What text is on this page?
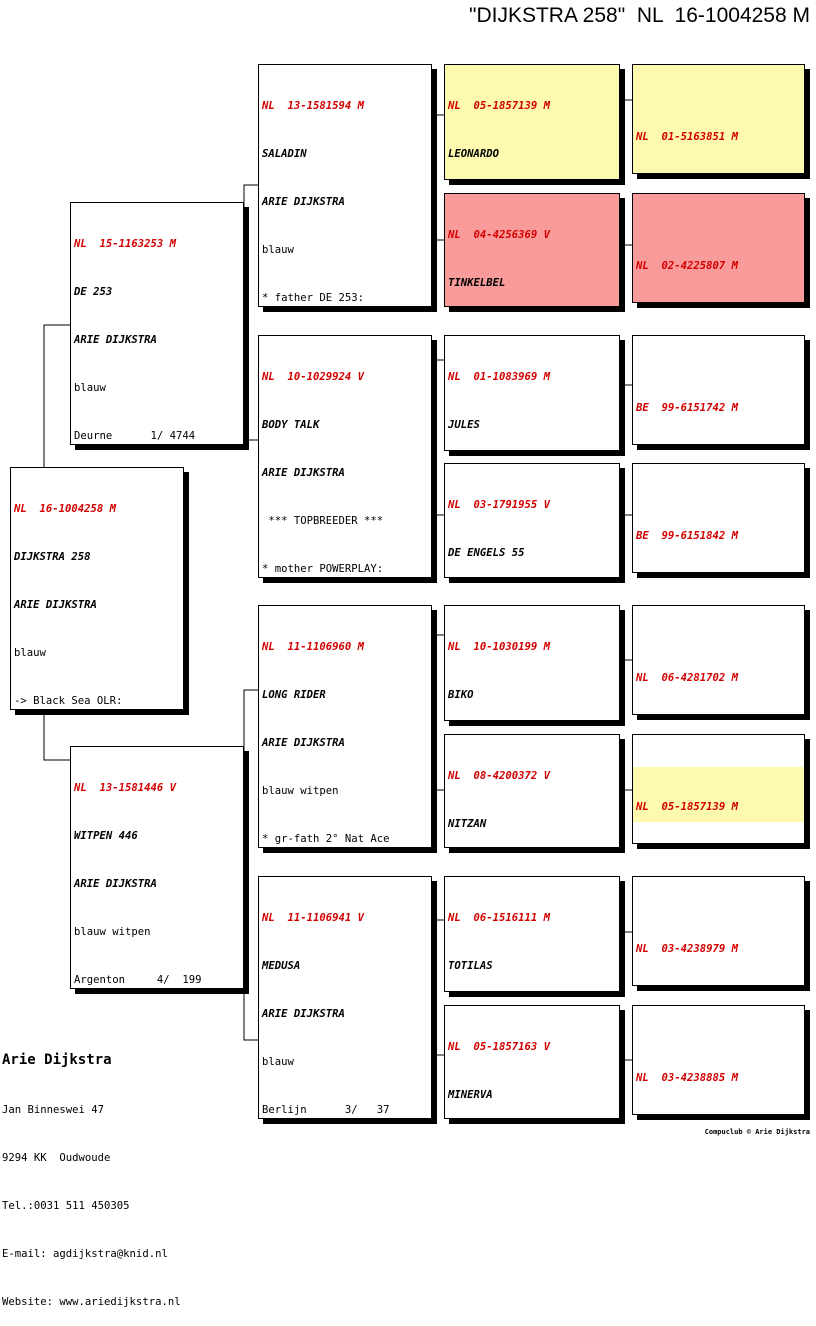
"DIJKSTRA 258"  NL  16-1004258 M

NL  16-1004258 M

DIJKSTRA 258

ARIE DIJKSTRA

blauw

-> Black Sea OLR:

NL  15-1163253 M

DE 253

ARIE DIJKSTRA

blauw

Deurne      1/ 4744

NL  13-1581446 V

WITPEN 446

ARIE DIJKSTRA

blauw witpen

Argenton     4/  199

NL  13-1581594 M

SALADIN

ARIE DIJKSTRA

blauw

* father DE 253:

NL  10-1029924 V

BODY TALK

ARIE DIJKSTRA

*** TOPBREEDER ***

* mother POWERPLAY:

NL  11-1106960 M

LONG RIDER

ARIE DIJKSTRA

blauw witpen

* gr-fath 2° Nat Ace

NL  11-1106941 V

MEDUSA

ARIE DIJKSTRA

blauw

Berlijn      3/   37

NL  05-1857139 M

LEONARDO

NL  04-4256369 V

TINKELBEL

NL  01-1083969 M

JULES

NL  03-1791955 V

DE ENGELS 55

NL  10-1030199 M

BIKO

NL  08-4200372 V

NITZAN

NL  06-1516111 M

TOTILAS

NL  05-1857163 V

MINERVA

NL  01-5163851 M

NL  02-4225807 M

BE  99-6151742 M

BE  99-6151842 M

NL  06-4281702 M

NL  05-1857139 M

NL  03-4238979 M

NL  03-4238885 M

Arie Dijkstra

Jan Binneswei 47

9294 KK  Oudwoude

Tel.:0031 511 450305

E-mail: agdijkstra@knid.nl

Website: www.ariedijkstra.nl

Compuclub © Arie Dijkstra
